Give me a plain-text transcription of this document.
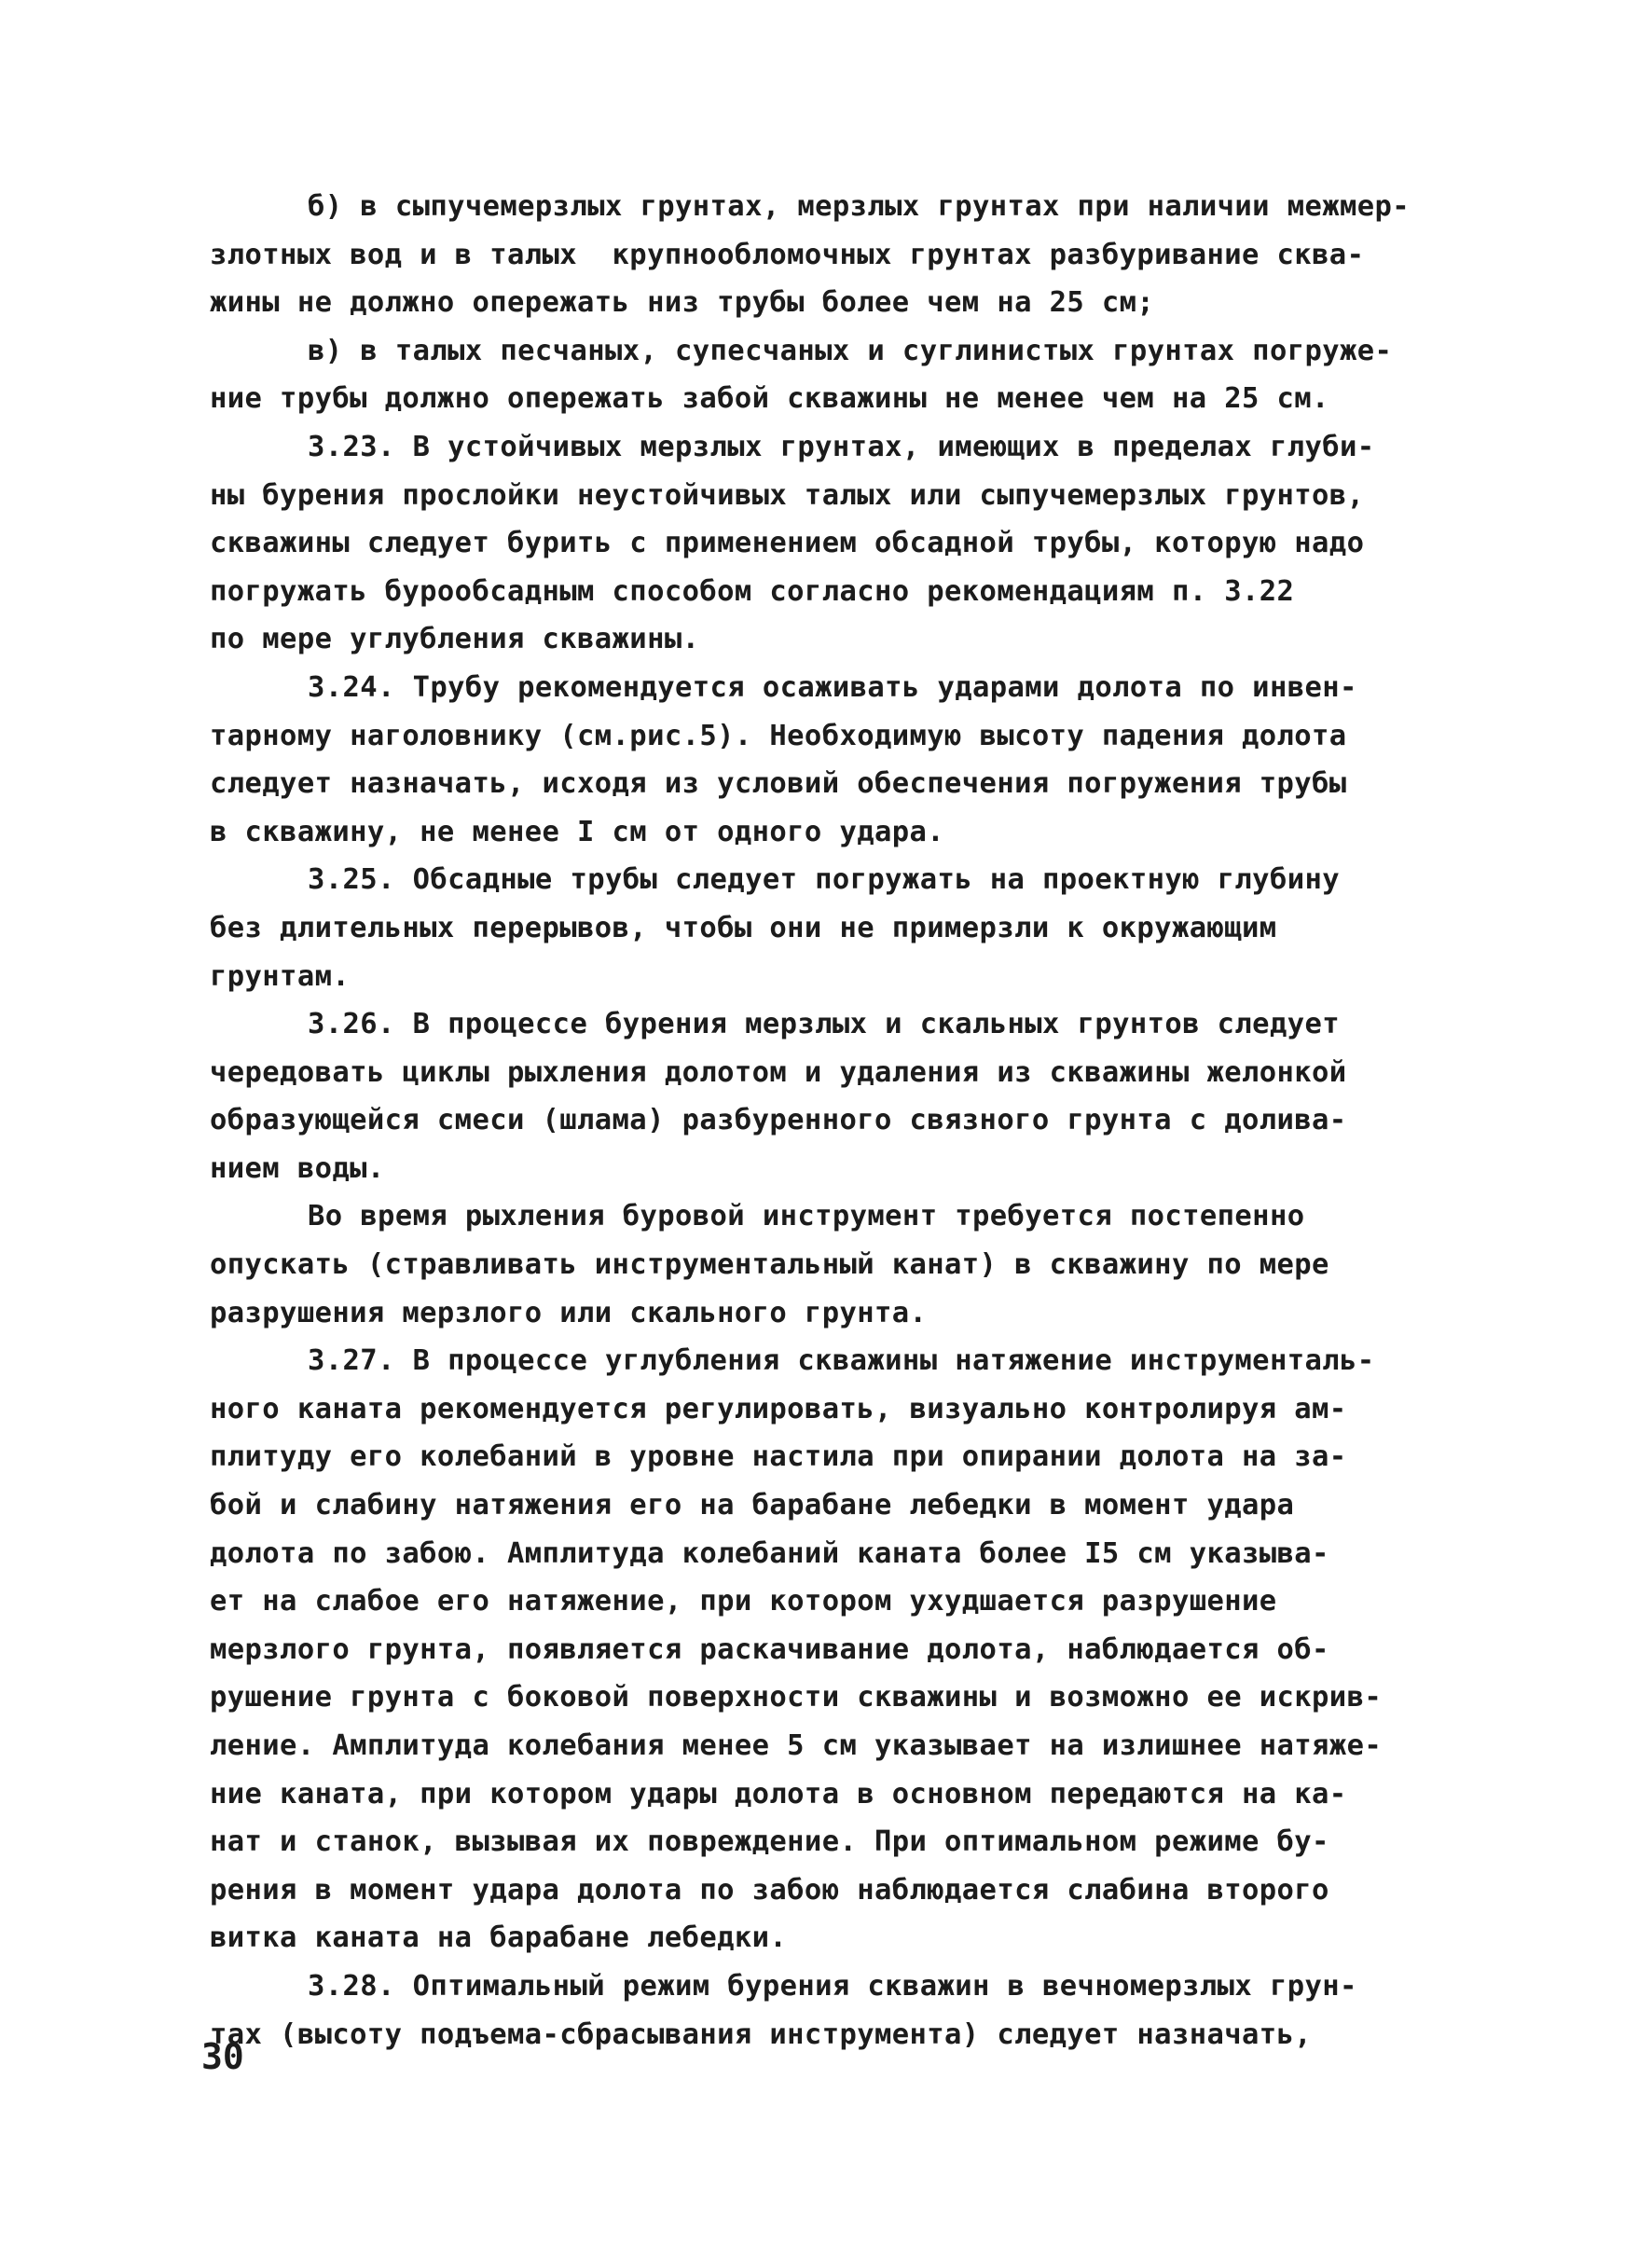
б) в сыпучемерзлых грунтах, мерзлых грунтах при наличии межмер-
злотных вод и в талых  крупнообломочных грунтах разбуривание сква-
жины не должно опережать низ трубы более чем на 25 см;
в) в талых песчаных, супесчаных и суглинистых грунтах погруже-
ние трубы должно опережать забой скважины не менее чем на 25 см.
3.23. В устойчивых мерзлых грунтах, имеющих в пределах глуби-
ны бурения прослойки неустойчивых талых или сыпучемерзлых грунтов,
скважины следует бурить с применением обсадной трубы, которую надо
погружать бурообсадным способом согласно рекомендациям п. 3.22
по мере углубления скважины.
3.24. Трубу рекомендуется осаживать ударами долота по инвен-
тарному наголовнику (см.рис.5). Необходимую высоту падения долота
следует назначать, исходя из условий обеспечения погружения трубы
в скважину, не менее I см от одного удара.
3.25. Обсадные трубы следует погружать на проектную глубину
без длительных перерывов, чтобы они не примерзли к окружающим
грунтам.
3.26. В процессе бурения мерзлых и скальных грунтов следует
чередовать циклы рыхления долотом и удаления из скважины желонкой
образующейся смеси (шлама) разбуренного связного грунта с долива-
нием воды.
Во время рыхления буровой инструмент требуется постепенно
опускать (стравливать инструментальный канат) в скважину по мере
разрушения мерзлого или скального грунта.
3.27. В процессе углубления скважины натяжение инструменталь-
ного каната рекомендуется регулировать, визуально контролируя ам-
плитуду его колебаний в уровне настила при опирании долота на за-
бой и слабину натяжения его на барабане лебедки в момент удара
долота по забою. Амплитуда колебаний каната более I5 см указыва-
ет на слабое его натяжение, при котором ухудшается разрушение
мерзлого грунта, появляется раскачивание долота, наблюдается об-
рушение грунта с боковой поверхности скважины и возможно ее искрив-
ление. Амплитуда колебания менее 5 см указывает на излишнее натяже-
ние каната, при котором удары долота в основном передаются на ка-
нат и станок, вызывая их повреждение. При оптимальном режиме бу-
рения в момент удара долота по забою наблюдается слабина второго
витка каната на барабане лебедки.
3.28. Оптимальный режим бурения скважин в вечномерзлых грун-
тах (высоту подъема-сбрасывания инструмента) следует назначать,
30
